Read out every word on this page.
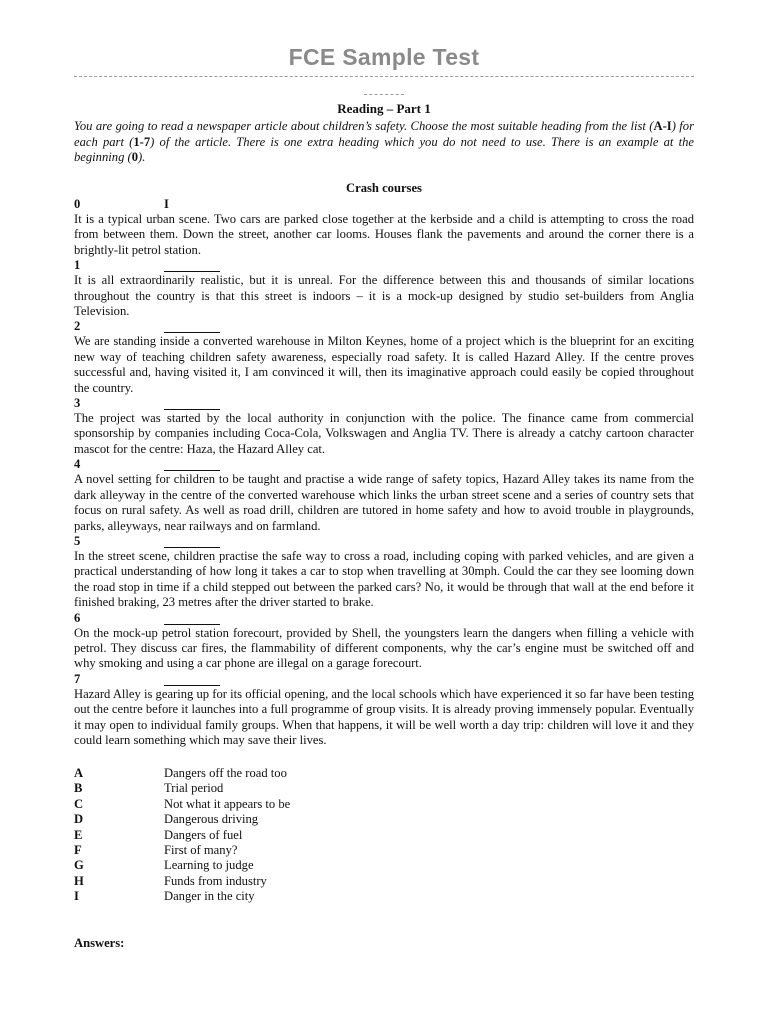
FCE Sample Test
Reading – Part 1
You are going to read a newspaper article about children’s safety. Choose the most suitable heading from the list (A-I) for each part (1-7) of the article. There is one extra heading which you do not need to use. There is an example at the beginning (0).
Crash courses
0	I

It is a typical urban scene. Two cars are parked close together at the kerbside and a child is attempting to cross the road from between them. Down the street, another car looms. Houses flank the pavements and around the corner there is a brightly-lit petrol station.

1

It is all extraordinarily realistic, but it is unreal. For the difference between this and thousands of similar locations throughout the country is that this street is indoors – it is a mock-up designed by studio set-builders from Anglia Television.

2

We are standing inside a converted warehouse in Milton Keynes, home of a project which is the blueprint for an exciting new way of teaching children safety awareness, especially road safety. It is called Hazard Alley. If the centre proves successful and, having visited it, I am convinced it will, then its imaginative approach could easily be copied throughout the country.

3

The project was started by the local authority in conjunction with the police. The finance came from commercial sponsorship by companies including Coca-Cola, Volkswagen and Anglia TV. There is already a catchy cartoon character mascot for the centre: Haza, the Hazard Alley cat.

4

A novel setting for children to be taught and practise a wide range of safety topics, Hazard Alley takes its name from the dark alleyway in the centre of the converted warehouse which links the urban street scene and a series of country sets that focus on rural safety. As well as road drill, children are tutored in home safety and how to avoid trouble in playgrounds, parks, alleyways, near railways and on farmland.

5

In the street scene, children practise the safe way to cross a road, including coping with parked vehicles, and are given a practical understanding of how long it takes a car to stop when travelling at 30mph. Could the car they see looming down the road stop in time if a child stepped out between the parked cars? No, it would be through that wall at the end before it finished braking, 23 metres after the driver started to brake.

6

On the mock-up petrol station forecourt, provided by Shell, the youngsters learn the dangers when filling a vehicle with petrol. They discuss car fires, the flammability of different components, why the car’s engine must be switched off and why smoking and using a car phone are illegal on a garage forecourt.

7

Hazard Alley is gearing up for its official opening, and the local schools which have experienced it so far have been testing out the centre before it launches into a full programme of group visits. It is already proving immensely popular. Eventually it may open to individual family groups. When that happens, it will be well worth a day trip: children will love it and they could learn something which may save their lives.

A	Dangers off the road too
B	Trial period
C	Not what it appears to be
D	Dangerous driving
E	Dangers of fuel
F	First of many?
G	Learning to judge
H	Funds from industry
I	Danger in the city
Answers:
